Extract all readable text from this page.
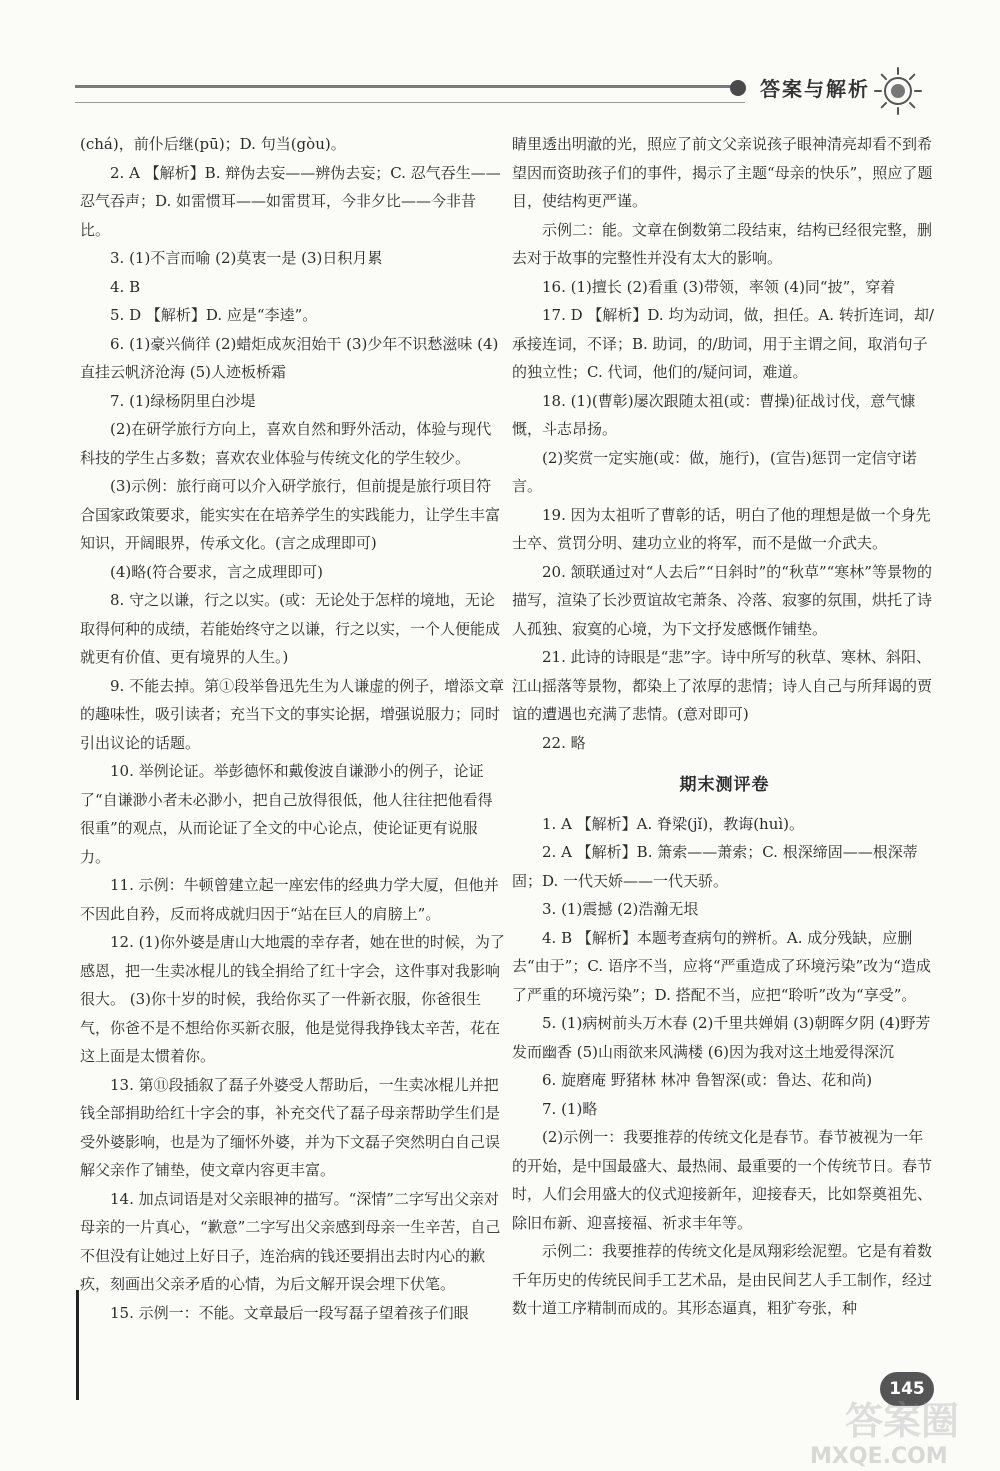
答案与解析

(chá)，前仆后继(pū)；D. 句当(gòu)。

2. A 【解析】B. 辩伪去妄——辨伪去妄；C. 忍气吞生——忍气吞声；D. 如雷惯耳——如雷贯耳，今非夕比——今非昔比。

3. (1)不言而喻 (2)莫衷一是 (3)日积月累

4. B

5. D 【解析】D. 应是“李逵”。

6. (1)豪兴倘徉 (2)蜡炬成灰泪始干 (3)少年不识愁滋味 (4)直挂云帆济沧海 (5)人迹板桥霜

7. (1)绿杨阴里白沙堤

(2)在研学旅行方向上，喜欢自然和野外活动，体验与现代科技的学生占多数；喜欢农业体验与传统文化的学生较少。

(3)示例：旅行商可以介入研学旅行，但前提是旅行项目符合国家政策要求，能实实在在培养学生的实践能力，让学生丰富知识，开阔眼界，传承文化。(言之成理即可)

(4)略(符合要求，言之成理即可)

8. 守之以谦，行之以实。(或：无论处于怎样的境地，无论取得何种的成绩，若能始终守之以谦，行之以实，一个人便能成就更有价值、更有境界的人生。)

9. 不能去掉。第①段举鲁迅先生为人谦虚的例子，增添文章的趣味性，吸引读者；充当下文的事实论据，增强说服力；同时引出议论的话题。

10. 举例论证。举彭德怀和戴俊波自谦渺小的例子，论证了“自谦渺小者未必渺小，把自己放得很低，他人往往把他看得很重”的观点，从而论证了全文的中心论点，使论证更有说服力。

11. 示例：牛顿曾建立起一座宏伟的经典力学大厦，但他并不因此自矜，反而将成就归因于“站在巨人的肩膀上”。

12. (1)你外婆是唐山大地震的幸存者，她在世的时候，为了感恩，把一生卖冰棍儿的钱全捐给了红十字会，这件事对我影响很大。 (3)你十岁的时候，我给你买了一件新衣服，你爸很生气，你爸不是不想给你买新衣服，他是觉得我挣钱太辛苦，花在这上面是太惯着你。

13. 第⑪段插叙了磊子外婆受人帮助后，一生卖冰棍儿并把钱全部捐助给红十字会的事，补充交代了磊子母亲帮助学生们是受外婆影响，也是为了缅怀外婆，并为下文磊子突然明白自己误解父亲作了铺垫，使文章内容更丰富。

14. 加点词语是对父亲眼神的描写。“深情”二字写出父亲对母亲的一片真心，“歉意”二字写出父亲感到母亲一生辛苦，自己不但没有让她过上好日子，连治病的钱还要捐出去时内心的歉疚，刻画出父亲矛盾的心情，为后文解开误会埋下伏笔。

15. 示例一：不能。文章最后一段写磊子望着孩子们眼

睛里透出明澈的光，照应了前文父亲说孩子眼神清亮却看不到希望因而资助孩子们的事件，揭示了主题“母亲的快乐”，照应了题目，使结构更严谨。

示例二：能。文章在倒数第二段结束，结构已经很完整，删去对于故事的完整性并没有太大的影响。

16. (1)擅长 (2)看重 (3)带领，率领 (4)同“披”，穿着

17. D 【解析】D. 均为动词，做，担任。A. 转折连词，却/承接连词，不译；B. 助词，的/助词，用于主谓之间，取消句子的独立性；C. 代词，他们的/疑问词，难道。

18. (1)(曹彰)屡次跟随太祖(或：曹操)征战讨伐，意气慷慨，斗志昂扬。

(2)奖赏一定实施(或：做，施行)，(宣告)惩罚一定信守诺言。

19. 因为太祖听了曹彰的话，明白了他的理想是做一个身先士卒、赏罚分明、建功立业的将军，而不是做一介武夫。

20. 颔联通过对“人去后”“日斜时”的“秋草”“寒林”等景物的描写，渲染了长沙贾谊故宅萧条、冷落、寂寥的氛围，烘托了诗人孤独、寂寞的心境，为下文抒发感慨作铺垫。

21. 此诗的诗眼是“悲”字。诗中所写的秋草、寒林、斜阳、江山摇落等景物，都染上了浓厚的悲情；诗人自己与所拜谒的贾谊的遭遇也充满了悲情。(意对即可)

22. 略

期末测评卷

1. A 【解析】A. 脊梁(jǐ)，教诲(huì)。

2. A 【解析】B. 箫索——萧索；C. 根深缔固——根深蒂固；D. 一代天娇——一代天骄。

3. (1)震撼 (2)浩瀚无垠

4. B 【解析】本题考查病句的辨析。A. 成分残缺，应删去“由于”；C. 语序不当，应将“严重造成了环境污染”改为“造成了严重的环境污染”；D. 搭配不当，应把“聆听”改为“享受”。

5. (1)病树前头万木春 (2)千里共婵娟 (3)朝晖夕阴 (4)野芳发而幽香 (5)山雨欲来风满楼 (6)因为我对这土地爱得深沉

6. 旋磨庵 野猪林 林冲 鲁智深(或：鲁达、花和尚)

7. (1)略

(2)示例一：我要推荐的传统文化是春节。春节被视为一年的开始，是中国最盛大、最热闹、最重要的一个传统节日。春节时，人们会用盛大的仪式迎接新年，迎接春天，比如祭奠祖先、除旧布新、迎喜接福、祈求丰年等。

示例二：我要推荐的传统文化是凤翔彩绘泥塑。它是有着数千年历史的传统民间手工艺术品，是由民间艺人手工制作，经过数十道工序精制而成的。其形态逼真，粗犷夸张，种

145
答案圈
MXQE.COM
